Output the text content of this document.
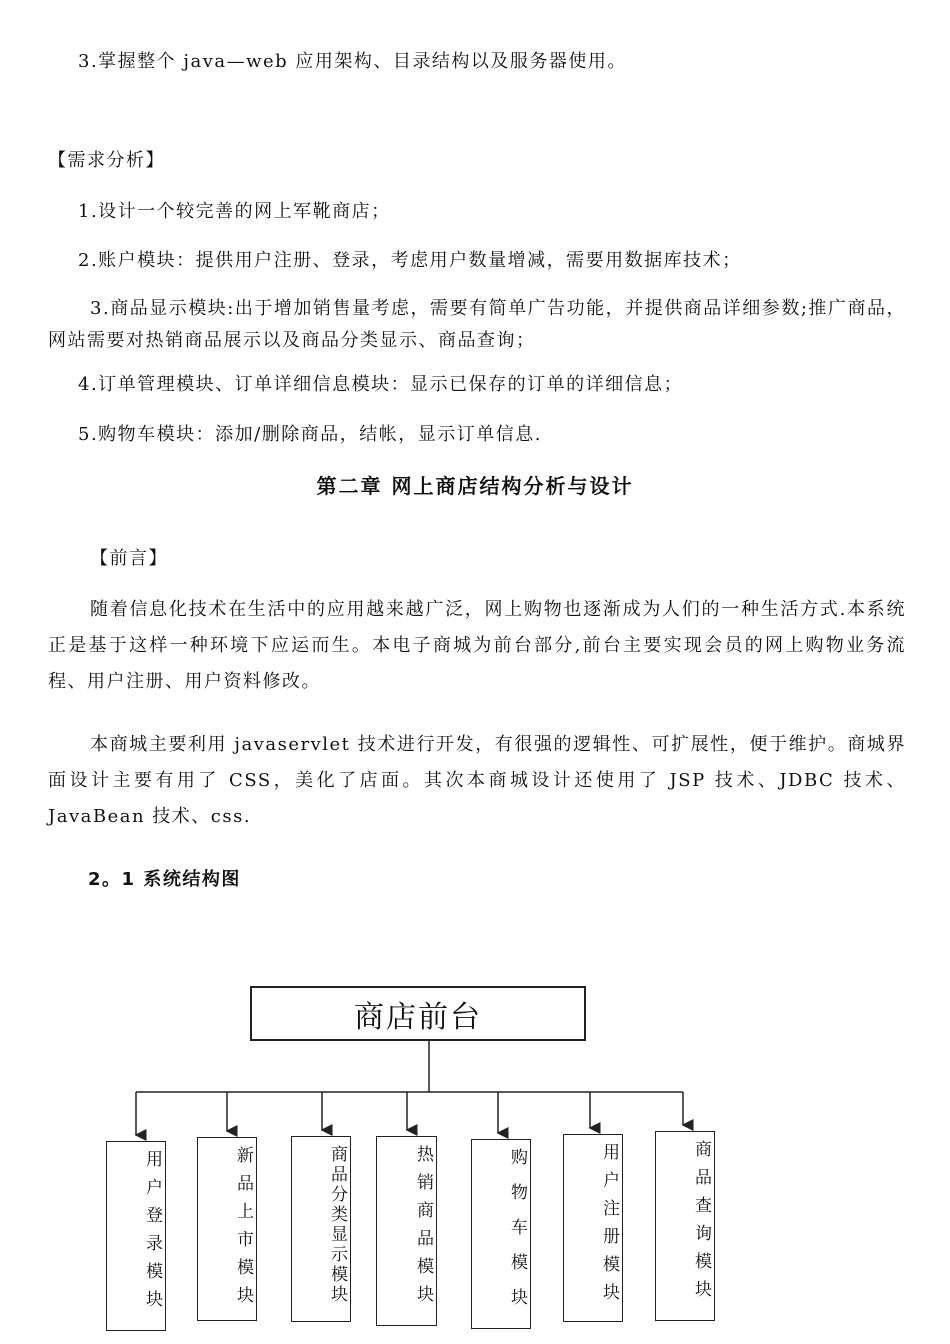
3.掌握整个 java—web 应用架构、目录结构以及服务器使用。
【需求分析】
1.设计一个较完善的网上军靴商店；
2.账户模块：提供用户注册、登录，考虑用户数量增减，需要用数据库技术；
3.商品显示模块:出于增加销售量考虑，需要有简单广告功能，并提供商品详细参数;推广商品，网站需要对热销商品展示以及商品分类显示、商品查询；
4.订单管理模块、订单详细信息模块：显示已保存的订单的详细信息；
5.购物车模块：添加/删除商品，结帐，显示订单信息.
第二章 网上商店结构分析与设计
【前言】
随着信息化技术在生活中的应用越来越广泛，网上购物也逐渐成为人们的一种生活方式.本系统正是基于这样一种环境下应运而生。本电子商城为前台部分,前台主要实现会员的网上购物业务流程、用户注册、用户资料修改。
本商城主要利用 javaservlet 技术进行开发，有很强的逻辑性、可扩展性，便于维护。商城界面设计主要有用了 CSS，美化了店面。其次本商城设计还使用了 JSP 技术、JDBC 技术、JavaBean 技术、css.
2。1 系统结构图
商店前台
用户登录模块	新品上市模块	商品分类显示模块	热销商品模块	购物车模块	用户注册模块	商品查询模块
